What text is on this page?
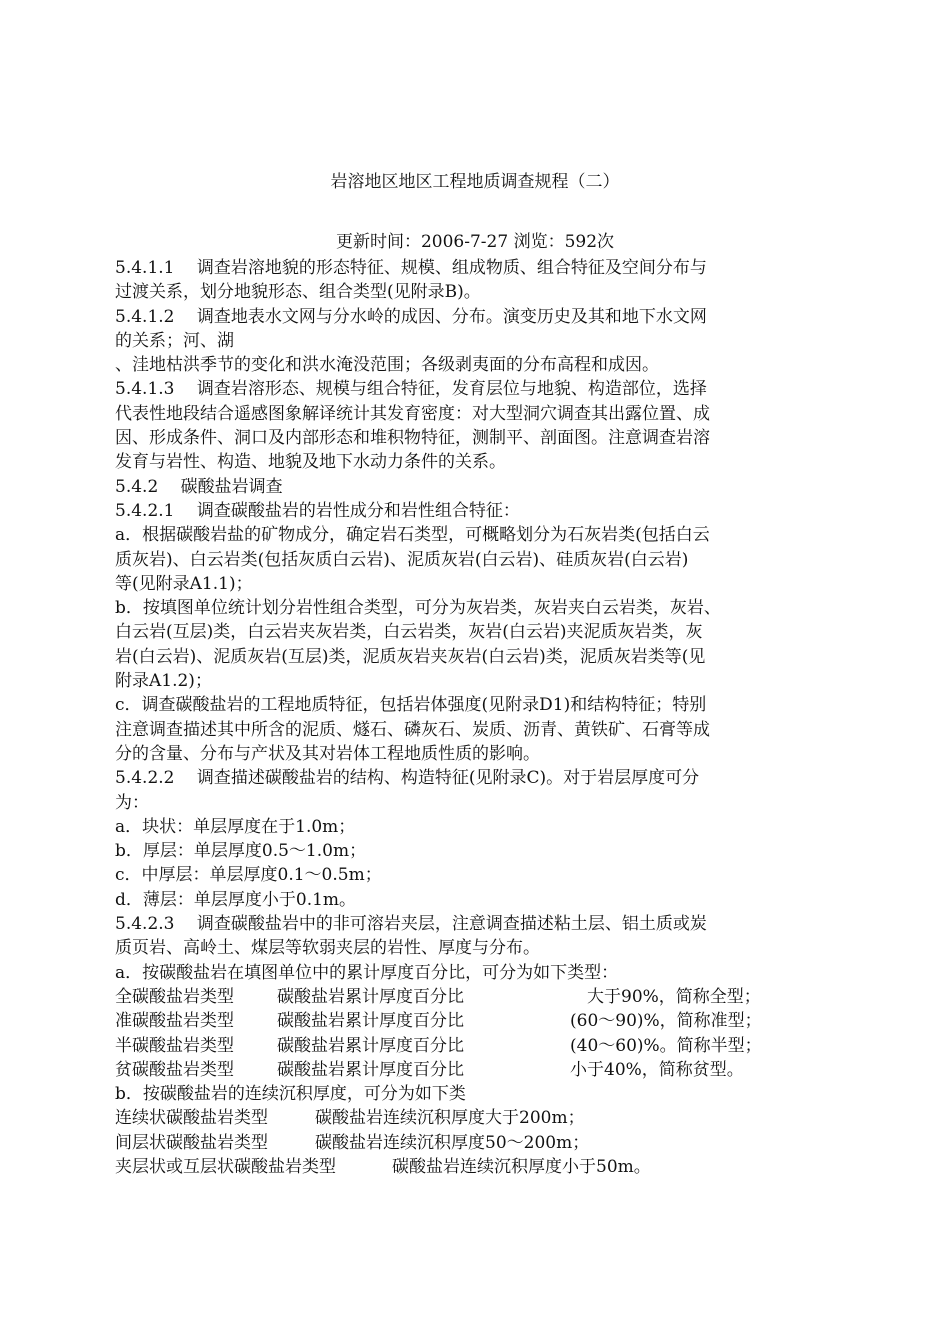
岩溶地区地区工程地质调查规程（二）
更新时间：2006-7-27 浏览：592次
5.4.1.1　 调查岩溶地貌的形态特征、规模、组成物质、组合特征及空间分布与
过渡关系，划分地貌形态、组合类型(见附录B)。
5.4.1.2　 调查地表水文网与分水岭的成因、分布。演变历史及其和地下水文网
的关系；河、湖
、洼地枯洪季节的变化和洪水淹没范围；各级剥夷面的分布高程和成因。
5.4.1.3　 调查岩溶形态、规模与组合特征，发育层位与地貌、构造部位，选择
代表性地段结合遥感图象解译统计其发育密度：对大型洞穴调查其出露位置、成
因、形成条件、洞口及内部形态和堆积物特征，测制平、剖面图。注意调查岩溶
发育与岩性、构造、地貌及地下水动力条件的关系。
5.4.2　 碳酸盐岩调查
5.4.2.1　 调查碳酸盐岩的岩性成分和岩性组合特征：
a．根据碳酸岩盐的矿物成分，确定岩石类型，可概略划分为石灰岩类(包括白云
质灰岩)、白云岩类(包括灰质白云岩)、泥质灰岩(白云岩)、硅质灰岩(白云岩)
等(见附录A1.1)；
b．按填图单位统计划分岩性组合类型，可分为灰岩类，灰岩夹白云岩类，灰岩、
白云岩(互层)类，白云岩夹灰岩类，白云岩类，灰岩(白云岩)夹泥质灰岩类，灰
岩(白云岩)、泥质灰岩(互层)类，泥质灰岩夹灰岩(白云岩)类，泥质灰岩类等(见
附录A1.2)；
c．调查碳酸盐岩的工程地质特征，包括岩体强度(见附录D1)和结构特征；特别
注意调查描述其中所含的泥质、燧石、磷灰石、炭质、沥青、黄铁矿、石膏等成
分的含量、分布与产状及其对岩体工程地质性质的影响。
5.4.2.2　 调查描述碳酸盐岩的结构、构造特征(见附录C)。对于岩层厚度可分
为：
a．块状：单层厚度在于1.0m；
b．厚层：单层厚度0.5～1.0m；
c．中厚层：单层厚度0.1～0.5m；
d．薄层：单层厚度小于0.1m。
5.4.2.3　 调查碳酸盐岩中的非可溶岩夹层，注意调查描述粘土层、铝土质或炭
质页岩、高岭土、煤层等软弱夹层的岩性、厚度与分布。
a．按碳酸盐岩在填图单位中的累计厚度百分比，可分为如下类型：
全碳酸盐岩类型	碳酸盐岩累计厚度百分比	　　大于90%，简称全型；
准碳酸盐岩类型	碳酸盐岩累计厚度百分比	　(60～90)%，简称准型；
半碳酸盐岩类型	碳酸盐岩累计厚度百分比	　(40～60)%。简称半型；
贫碳酸盐岩类型	碳酸盐岩累计厚度百分比	　小于40%，简称贫型。
b．按碳酸盐岩的连续沉积厚度，可分为如下类
连续状碳酸盐岩类型	碳酸盐岩连续沉积厚度大于200m；
间层状碳酸盐岩类型	碳酸盐岩连续沉积厚度50～200m；
夹层状或互层状碳酸盐岩类型	碳酸盐岩连续沉积厚度小于50m。
